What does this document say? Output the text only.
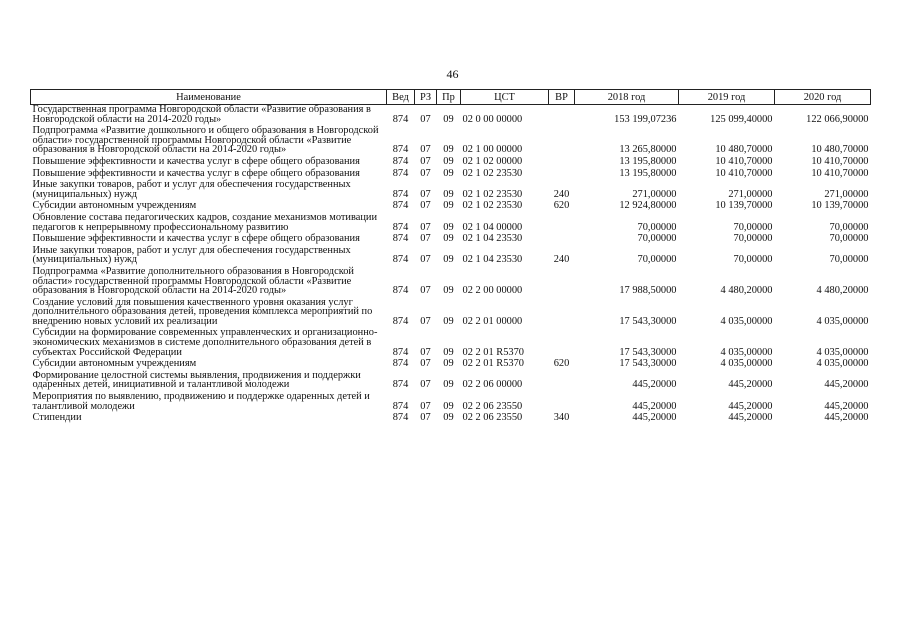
46
Наименование	Вед	РЗ	Пр	ЦСТ	ВР	2018 год	2019 год	2020 год
Государственная программа Новгородской области «Развитие образования в Новгородской области на 2014-2020 годы»	874	07	09	02 0 00 00000		153 199,07236	125 099,40000	122 066,90000
Подпрограмма «Развитие дошкольного и общего образования в Новгородской области» государственной программы Новгородской области «Развитие образования в Новгородской области на 2014-2020 годы»	874	07	09	02 1 00 00000		13 265,80000	10 480,70000	10 480,70000
Повышение эффективности и качества услуг в сфере общего образования	874	07	09	02 1 02 00000		13 195,80000	10 410,70000	10 410,70000
Повышение эффективности и качества услуг в сфере общего образования	874	07	09	02 1 02 23530		13 195,80000	10 410,70000	10 410,70000
Иные закупки товаров, работ и услуг для обеспечения государственных (муниципальных) нужд	874	07	09	02 1 02 23530	240	271,00000	271,00000	271,00000
Субсидии автономным учреждениям	874	07	09	02 1 02 23530	620	12 924,80000	10 139,70000	10 139,70000
Обновление состава педагогических кадров, создание механизмов мотивации педагогов к непрерывному профессиональному развитию	874	07	09	02 1 04 00000		70,00000	70,00000	70,00000
Повышение эффективности и качества услуг в сфере общего образования	874	07	09	02 1 04 23530		70,00000	70,00000	70,00000
Иные закупки товаров, работ и услуг для обеспечения государственных (муниципальных) нужд	874	07	09	02 1 04 23530	240	70,00000	70,00000	70,00000
Подпрограмма «Развитие дополнительного образования в Новгородской области» государственной программы Новгородской области «Развитие образования в Новгородской области на 2014-2020 годы»	874	07	09	02 2 00 00000		17 988,50000	4 480,20000	4 480,20000
Создание условий для повышения качественного уровня оказания услуг дополнительного образования детей, проведения комплекса мероприятий по внедрению новых условий их реализации	874	07	09	02 2 01 00000		17 543,30000	4 035,00000	4 035,00000
Субсидии на формирование современных управленческих и организационно-экономических механизмов в системе дополнительного образования детей в субъектах Российской Федерации	874	07	09	02 2 01 R5370		17 543,30000	4 035,00000	4 035,00000
Субсидии автономным учреждениям	874	07	09	02 2 01 R5370	620	17 543,30000	4 035,00000	4 035,00000
Формирование целостной системы выявления, продвижения и поддержки одаренных детей, инициативной и талантливой молодежи	874	07	09	02 2 06 00000		445,20000	445,20000	445,20000
Мероприятия по выявлению, продвижению и поддержке одаренных детей и талантливой молодежи	874	07	09	02 2 06 23550		445,20000	445,20000	445,20000
Стипендии	874	07	09	02 2 06 23550	340	445,20000	445,20000	445,20000
